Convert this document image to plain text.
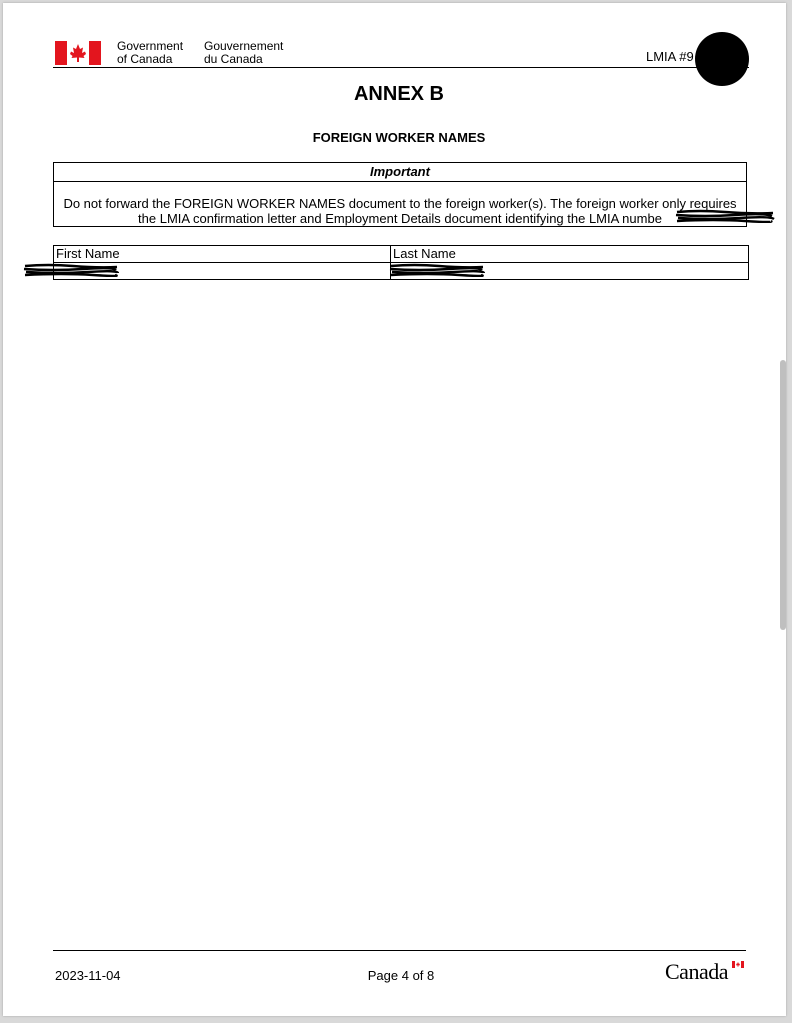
Government
of Canada
Gouvernement
du Canada	LMIA #9
ANNEX B
FOREIGN WORKER NAMES
Important
Do not forward the FOREIGN WORKER NAMES document to the foreign worker(s). The foreign worker only requires the LMIA confirmation letter and Employment Details document identifying the LMIA numbe
First Name	Last Name

2023-11-04	Page 4 of 8	Canada
